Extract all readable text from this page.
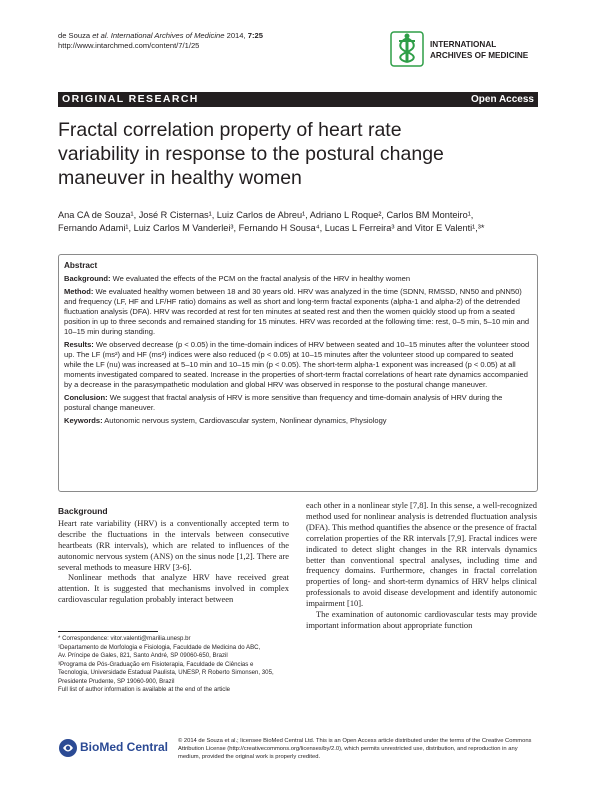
de Souza et al. International Archives of Medicine 2014, 7:25
http://www.intarchmed.com/content/7/1/25	INTERNATIONAL
ARCHIVES OF MEDICINE
ORIGINAL RESEARCH	Open Access
Fractal correlation property of heart rate
variability in response to the postural change
maneuver in healthy women
Ana CA de Souza¹, José R Cisternas¹, Luiz Carlos de Abreu¹, Adriano L Roque², Carlos BM Monteiro¹,
Fernando Adami¹, Luiz Carlos M Vanderlei³, Fernando H Sousa⁴, Lucas L Ferreira³ and Vitor E Valenti¹,³*
Abstract

Background: We evaluated the effects of the PCM on the fractal analysis of the HRV in healthy women

Method: We evaluated healthy women between 18 and 30 years old. HRV was analyzed in the time (SDNN, RMSSD, NN50 and pNN50) and frequency (LF, HF and LF/HF ratio) domains as well as short and long-term fractal exponents (alpha-1 and alpha-2) of the detrended fluctuation analysis (DFA). HRV was recorded at rest for ten minutes at seated rest and then the women quickly stood up from a seated position in up to three seconds and remained standing for 15 minutes. HRV was recorded at the following time: rest, 0–5 min, 5–10 min and 10–15 min during standing.

Results: We observed decrease (p < 0.05) in the time-domain indices of HRV between seated and 10–15 minutes after the volunteer stood up. The LF (ms²) and HF (ms²) indices were also reduced (p < 0.05) at 10–15 minutes after the volunteer stood up compared to seated while the LF (nu) was increased at 5–10 min and 10–15 min (p < 0.05). The short-term alpha-1 exponent was increased (p < 0.05) at all moments investigated compared to seated. Increase in the properties of short-term fractal correlations of heart rate dynamics accompanied by a decrease in the parasympathetic modulation and global HRV was observed in response to the postural change maneuver.

Conclusion: We suggest that fractal analysis of HRV is more sensitive than frequency and time-domain analysis of HRV during the postural change maneuver.

Keywords: Autonomic nervous system, Cardiovascular system, Nonlinear dynamics, Physiology

Background

Heart rate variability (HRV) is a conventionally accepted term to describe the fluctuations in the intervals between consecutive heartbeats (RR intervals), which are related to influences of the autonomic nervous system (ANS) on the sinus node [1,2]. There are several methods to measure HRV [3-6].

Nonlinear methods that analyze HRV have received great attention. It is suggested that mechanisms involved in complex cardiovascular regulation probably interact between

each other in a nonlinear style [7,8]. In this sense, a well-recognized method used for nonlinear analysis is detrended fluctuation analysis (DFA). This method quantifies the absence or the presence of fractal correlation properties of the RR intervals [7,9]. Fractal indices were indicated to detect slight changes in the RR intervals dynamics better than conventional spectral analyses, including time and frequency domains. Furthermore, changes in fractal correlation properties of long- and short-term dynamics of HRV helps clinical professionals to avoid disease development and identify autonomic impairment [10].

The examination of autonomic cardiovascular tests may provide important information about appropriate function

* Correspondence: vitor.valenti@marilia.unesp.br
¹Departamento de Morfologia e Fisiologia, Faculdade de Medicina do ABC,
Av. Príncipe de Gales, 821, Santo André, SP 09060-650, Brazil
³Programa de Pós-Graduação em Fisioterapia, Faculdade de Ciências e
Tecnologia, Universidade Estadual Paulista, UNESP, R Roberto Simonsen, 305,
Presidente Prudente, SP 19060-900, Brazil
Full list of author information is available at the end of the article
BioMed Central © 2014 de Souza et al.; licensee BioMed Central Ltd. This is an Open Access article distributed under the terms of the Creative Commons Attribution License (http://creativecommons.org/licenses/by/2.0), which permits unrestricted use, distribution, and reproduction in any medium, provided the original work is properly credited.
